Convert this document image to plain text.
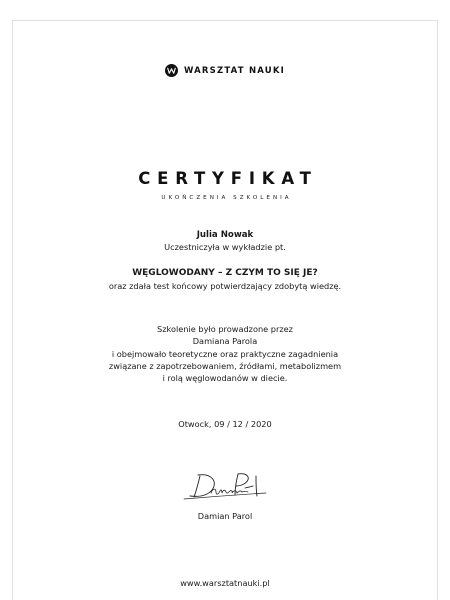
WARSZTAT NAUKI
CERTYFIKAT
UKOŃCZENIA SZKOLENIA
Julia Nowak
Uczestniczyła w wykładzie pt.
WĘGLOWODANY – Z CZYM TO SIĘ JE?
oraz zdała test końcowy potwierdzający zdobytą wiedzę.
Szkolenie było prowadzone przez
Damiana Parola
i obejmowało teoretyczne oraz praktyczne zagadnienia
związane z zapotrzebowaniem, źródłami, metabolizmem
i rolą węglowodanów w diecie.
Otwock, 09 / 12 / 2020
Damian Parol
www.warsztatnauki.pl
